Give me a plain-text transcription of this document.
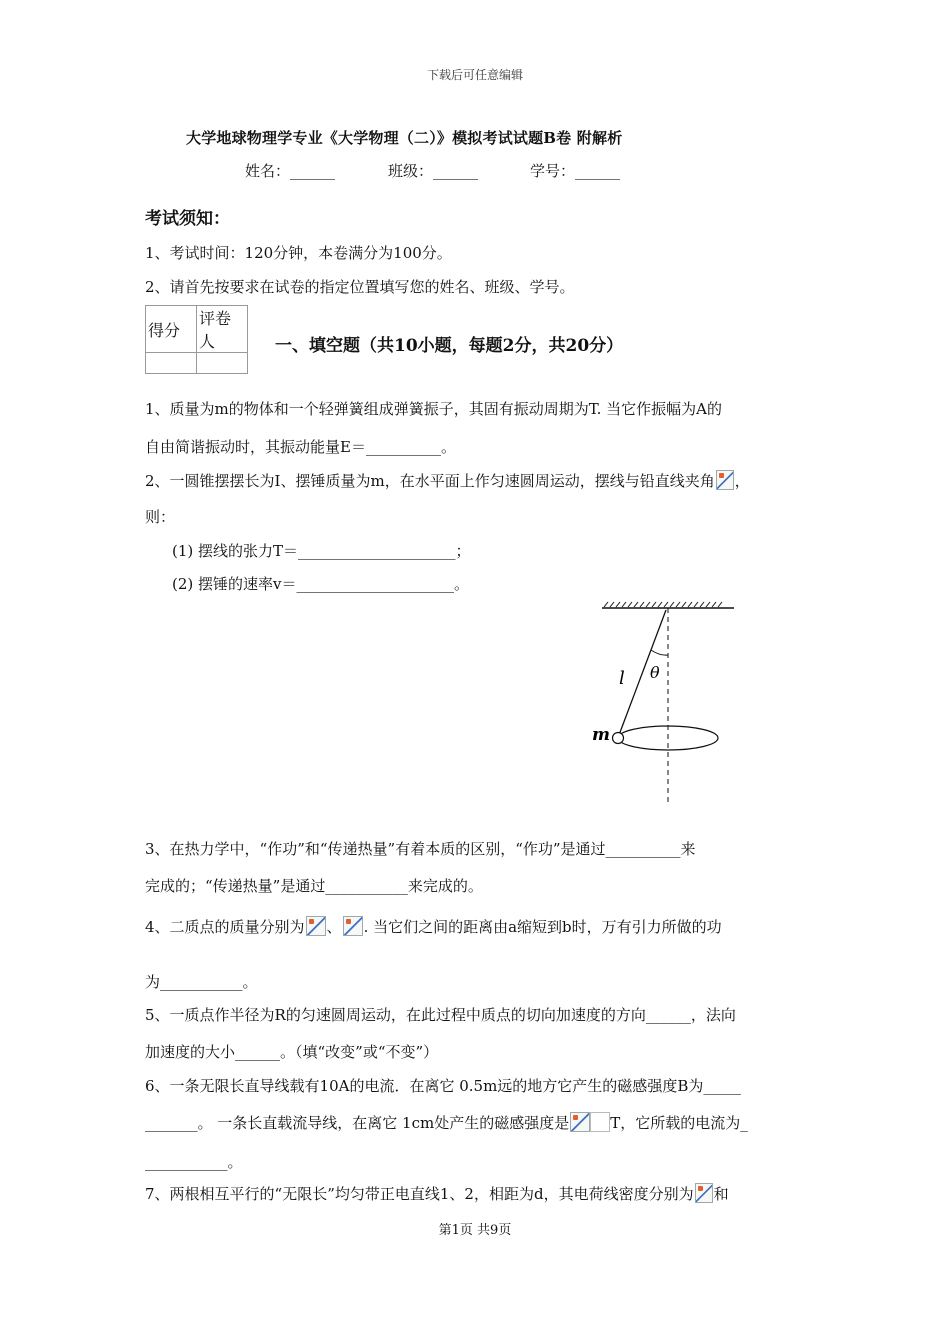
下载后可任意编辑
大学地球物理学专业《大学物理（二）》模拟考试试题B卷 附解析
姓名：______	班级：______	学号：______
考试须知：
1、考试时间：120分钟，本卷满分为100分。
2、请首先按要求在试卷的指定位置填写您的姓名、班级、学号。
得分	评卷人
		一、填空题（共10小题，每题2分，共20分）
1、质量为m的物体和一个轻弹簧组成弹簧振子，其固有振动周期为T. 当它作振幅为A的
自由简谐振动时，其振动能量E＝__________。
2、一圆锥摆摆长为I、摆锤质量为m，在水平面上作匀速圆周运动，摆线与铅直线夹角 ，
则：
(1) 摆线的张力T＝_____________________；
(2) 摆锤的速率v＝_____________________。
l θ
m
3、在热力学中，“作功”和“传递热量”有着本质的区别，“作功”是通过__________来
完成的；“传递热量”是通过___________来完成的。
4、二质点的质量分别为 、 . 当它们之间的距离由a缩短到b时，万有引力所做的功
为___________。
5、一质点作半径为R的匀速圆周运动，在此过程中质点的切向加速度的方向______，法向
加速度的大小______。（填“改变”或“不变”）
6、一条无限长直导线载有10A的电流．在离它 0.5m远的地方它产生的磁感强度B为_____
_______。 一条长直载流导线，在离它 1cm处产生的磁感强度是	T，它所载的电流为_
___________。
7、两根相互平行的“无限长”均匀带正电直线1、2，相距为d，其电荷线密度分别为 和
第1页 共9页
